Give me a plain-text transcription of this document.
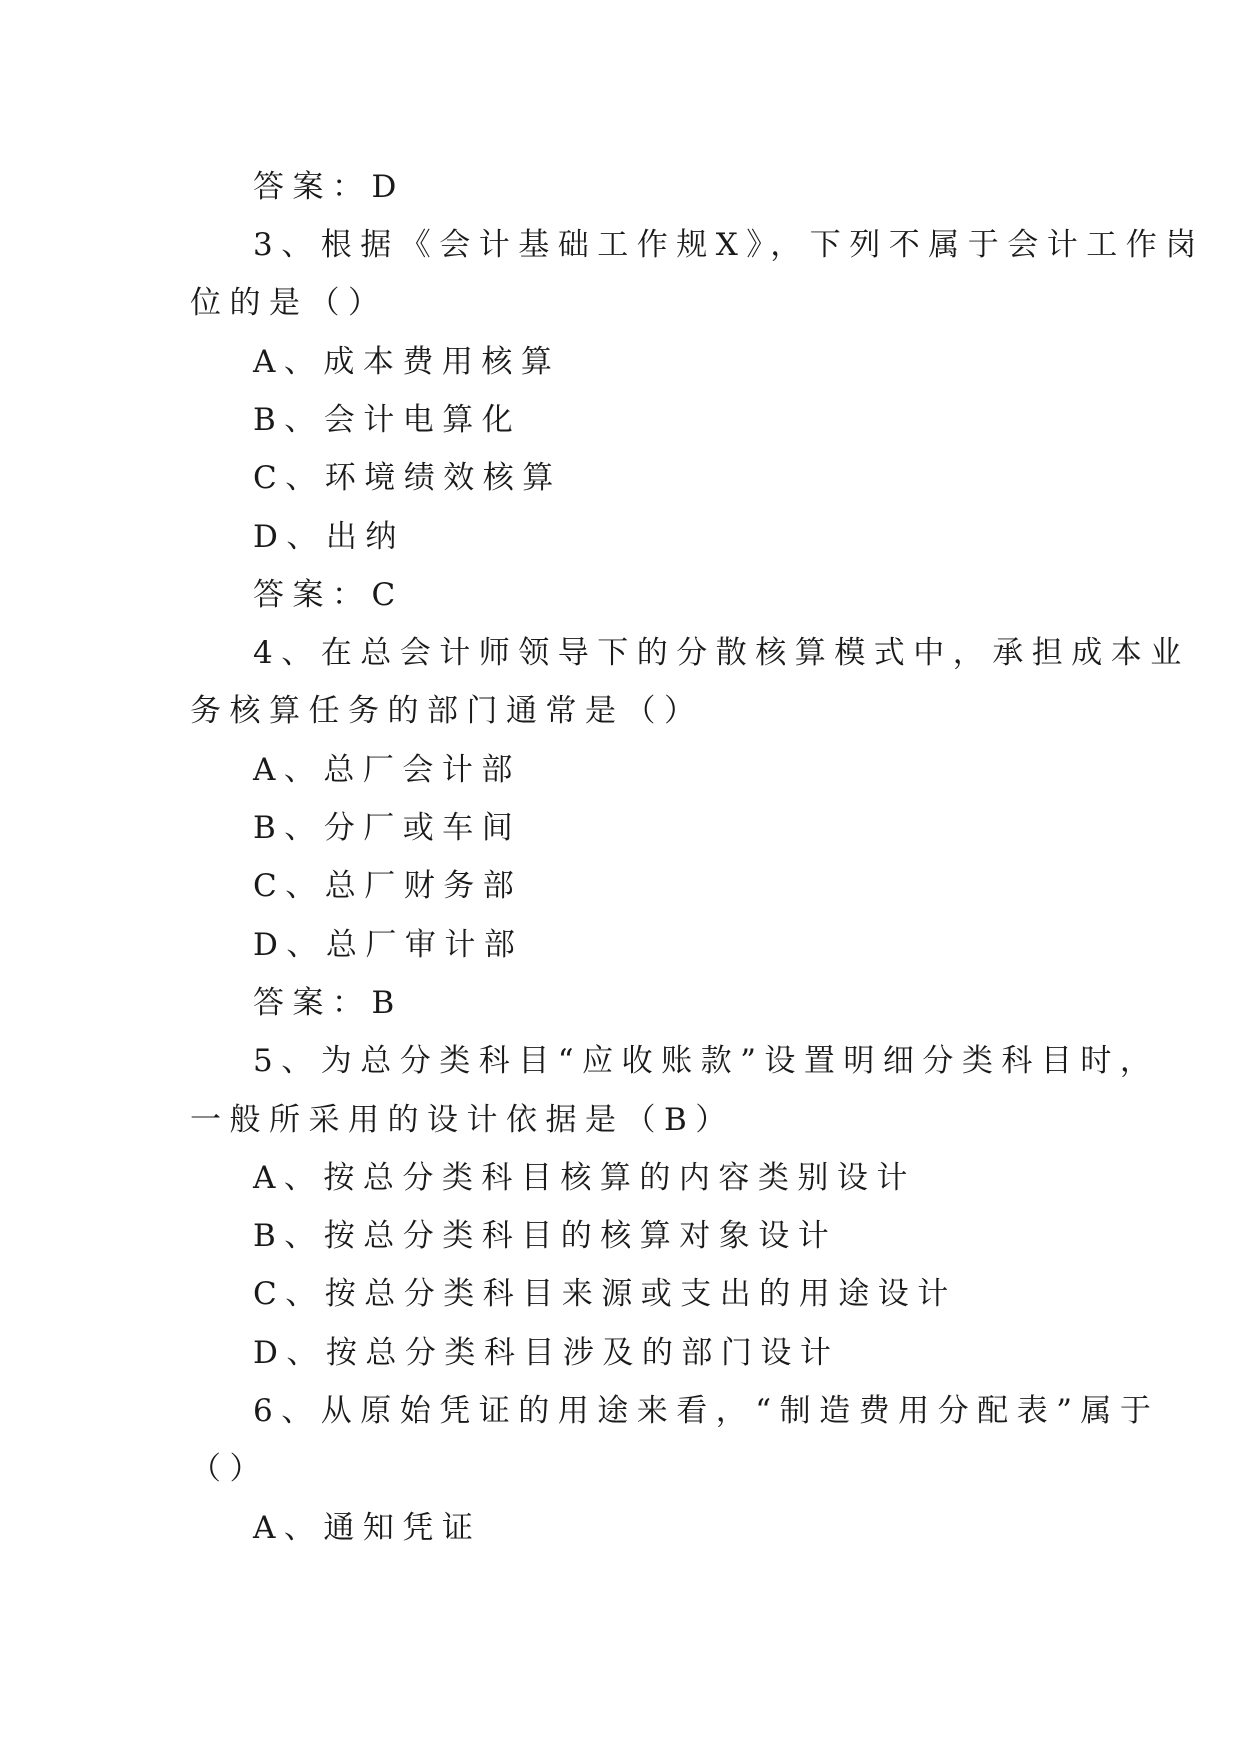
答案：D
3、根据《会计基础工作规X》，下列不属于会计工作岗
位的是（）
A、成本费用核算
B、会计电算化
C、环境绩效核算
D、出纳
答案：C
4、在总会计师领导下的分散核算模式中，承担成本业
务核算任务的部门通常是（）
A、总厂会计部
B、分厂或车间
C、总厂财务部
D、总厂审计部
答案：B
5、为总分类科目“应收账款”设置明细分类科目时，
一般所采用的设计依据是（B）
A、按总分类科目核算的内容类别设计
B、按总分类科目的核算对象设计
C、按总分类科目来源或支出的用途设计
D、按总分类科目涉及的部门设计
6、从原始凭证的用途来看，“制造费用分配表”属于
（）
A、通知凭证
